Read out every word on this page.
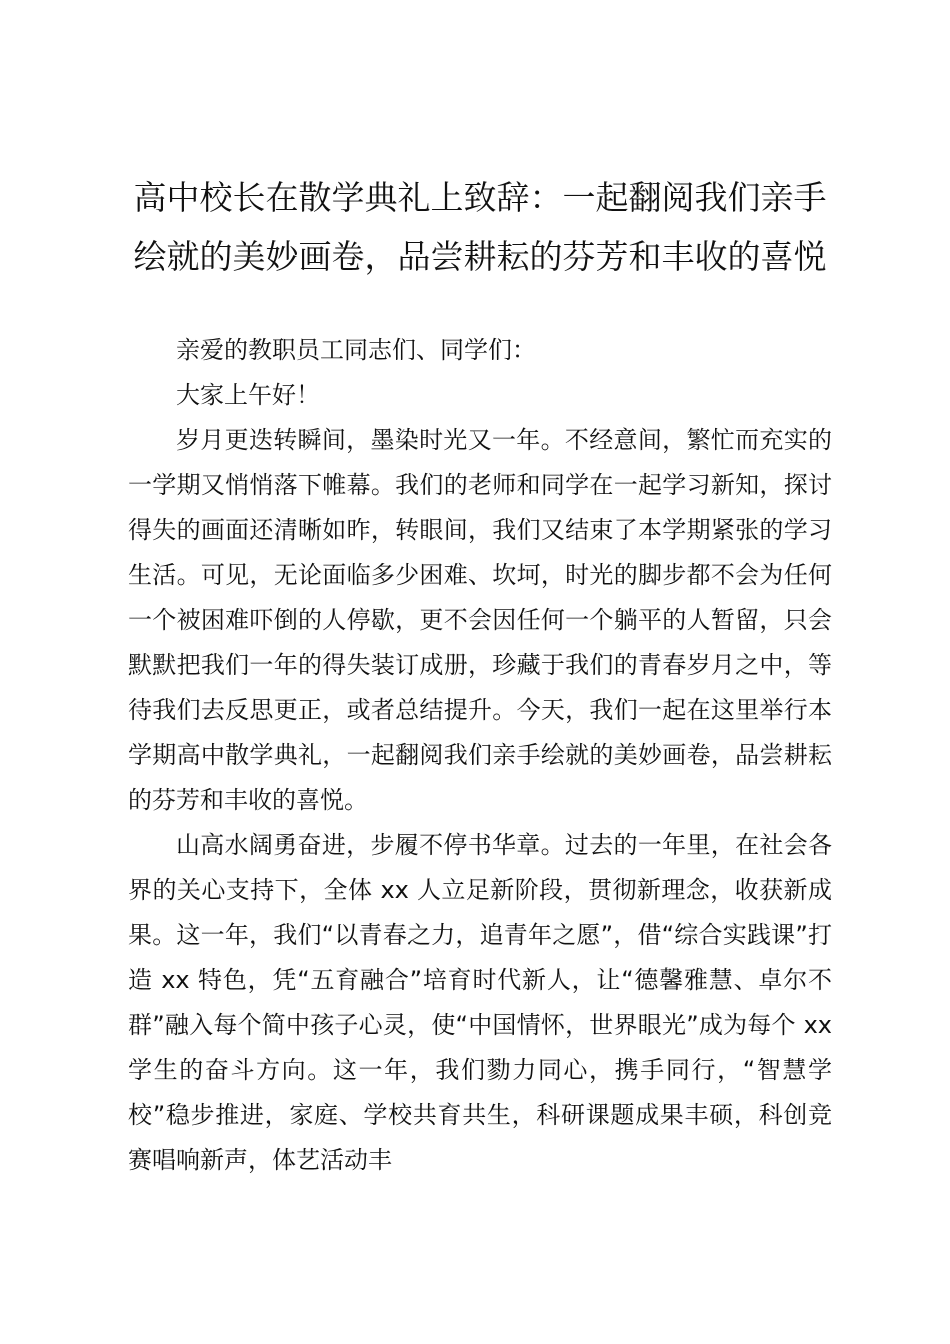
高中校长在散学典礼上致辞：一起翻阅我们亲手绘就的美妙画卷，品尝耕耘的芬芳和丰收的喜悦

亲爱的教职员工同志们、同学们：

大家上午好！

岁月更迭转瞬间，墨染时光又一年。不经意间，繁忙而充实的一学期又悄悄落下帷幕。我们的老师和同学在一起学习新知，探讨得失的画面还清晰如昨，转眼间，我们又结束了本学期紧张的学习生活。可见，无论面临多少困难、坎坷，时光的脚步都不会为任何一个被困难吓倒的人停歇，更不会因任何一个躺平的人暂留，只会默默把我们一年的得失装订成册，珍藏于我们的青春岁月之中，等待我们去反思更正，或者总结提升。今天，我们一起在这里举行本学期高中散学典礼，一起翻阅我们亲手绘就的美妙画卷，品尝耕耘的芬芳和丰收的喜悦。

山高水阔勇奋进，步履不停书华章。过去的一年里，在社会各界的关心支持下，全体 xx 人立足新阶段，贯彻新理念，收获新成果。这一年，我们“以青春之力，追青年之愿”，借“综合实践课”打造 xx 特色，凭“五育融合”培育时代新人，让“德馨雅慧、卓尔不群”融入每个简中孩子心灵，使“中国情怀，世界眼光”成为每个 xx 学生的奋斗方向。这一年，我们勠力同心，携手同行，“智慧学校”稳步推进，家庭、学校共育共生，科研课题成果丰硕，科创竞赛唱响新声，体艺活动丰
